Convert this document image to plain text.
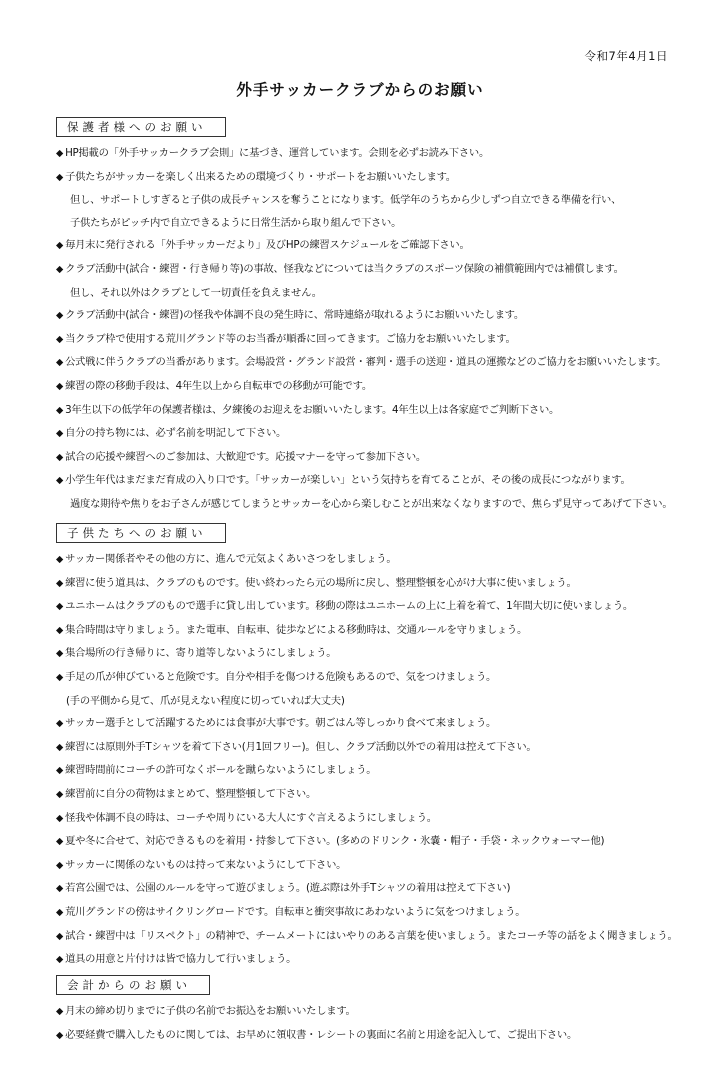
令和7年4月1日
外手サッカークラブからのお願い
保護者様へのお願い
◆ HP掲載の「外手サッカークラブ会則」に基づき、運営しています。会則を必ずお読み下さい。
◆ 子供たちがサッカーを楽しく出来るための環境づくり・サポートをお願いいたします。
但し、サポートしすぎると子供の成長チャンスを奪うことになります。低学年のうちから少しずつ自立できる準備を行い、
子供たちがピッチ内で自立できるように日常生活から取り組んで下さい。
◆ 毎月末に発行される「外手サッカーだより」及びHPの練習スケジュールをご確認下さい。
◆ クラブ活動中(試合・練習・行き帰り等)の事故、怪我などについては当クラブのスポーツ保険の補償範囲内では補償します。
但し、それ以外はクラブとして一切責任を負えません。
◆ クラブ活動中(試合・練習)の怪我や体調不良の発生時に、常時連絡が取れるようにお願いいたします。
◆ 当クラブ枠で使用する荒川グランド等のお当番が順番に回ってきます。ご協力をお願いいたします。
◆ 公式戦に伴うクラブの当番があります。会場設営・グランド設営・審判・選手の送迎・道具の運搬などのご協力をお願いいたします。
◆ 練習の際の移動手段は、4年生以上から自転車での移動が可能です。
◆ 3年生以下の低学年の保護者様は、夕練後のお迎えをお願いいたします。4年生以上は各家庭でご判断下さい。
◆ 自分の持ち物には、必ず名前を明記して下さい。
◆ 試合の応援や練習へのご参加は、大歓迎です。応援マナーを守って参加下さい。
◆ 小学生年代はまだまだ育成の入り口です。「サッカーが楽しい」という気持ちを育てることが、その後の成長につながります。
過度な期待や焦りをお子さんが感じてしまうとサッカーを心から楽しむことが出来なくなりますので、焦らず見守ってあげて下さい。
子供たちへのお願い
◆ サッカー関係者やその他の方に、進んで元気よくあいさつをしましょう。
◆ 練習に使う道具は、クラブのものです。使い終わったら元の場所に戻し、整理整頓を心がけ大事に使いましょう。
◆ ユニホームはクラブのもので選手に貸し出しています。移動の際はユニホームの上に上着を着て、1年間大切に使いましょう。
◆ 集合時間は守りましょう。また電車、自転車、徒歩などによる移動時は、交通ルールを守りましょう。
◆ 集合場所の行き帰りに、寄り道等しないようにしましょう。
◆ 手足の爪が伸びていると危険です。自分や相手を傷つける危険もあるので、気をつけましょう。
(手の平側から見て、爪が見えない程度に切っていれば大丈夫)
◆ サッカー選手として活躍するためには食事が大事です。朝ごはん等しっかり食べて来ましょう。
◆ 練習には原則外手Tシャツを着て下さい(月1回フリー)。但し、クラブ活動以外での着用は控えて下さい。
◆ 練習時間前にコーチの許可なくボールを蹴らないようにしましょう。
◆ 練習前に自分の荷物はまとめて、整理整頓して下さい。
◆ 怪我や体調不良の時は、コーチや周りにいる大人にすぐ言えるようにしましょう。
◆ 夏や冬に合せて、対応できるものを着用・持参して下さい。(多めのドリンク・氷嚢・帽子・手袋・ネックウォーマー他)
◆ サッカーに関係のないものは持って来ないようにして下さい。
◆ 若宮公園では、公園のルールを守って遊びましょう。(遊ぶ際は外手Tシャツの着用は控えて下さい)
◆ 荒川グランドの傍はサイクリングロードです。自転車と衝突事故にあわないように気をつけましょう。
◆ 試合・練習中は「リスペクト」の精神で、チームメートにはいやりのある言葉を使いましょう。またコーチ等の話をよく聞きましょう。
◆ 道具の用意と片付けは皆で協力して行いましょう。
会計からのお願い
◆ 月末の締め切りまでに子供の名前でお振込をお願いいたします。
◆ 必要経費で購入したものに関しては、お早めに領収書・レシートの裏面に名前と用途を記入して、ご提出下さい。
